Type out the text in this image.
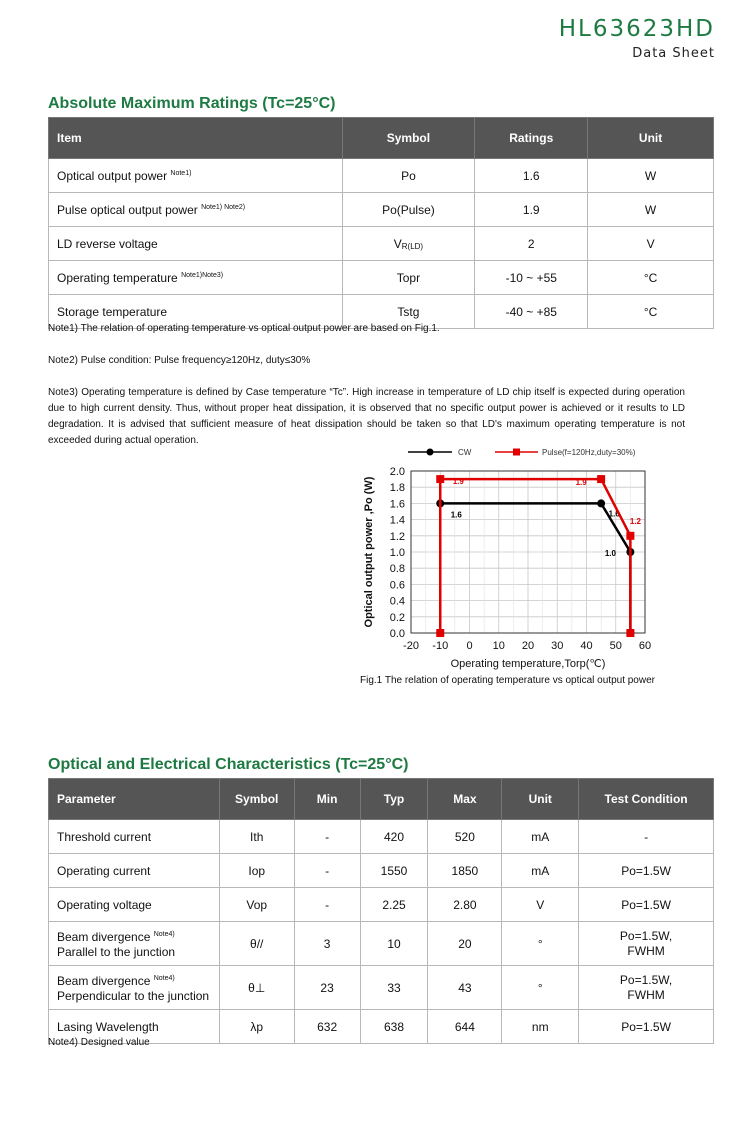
HL63623HD
Data Sheet
Absolute Maximum Ratings (Tc=25°C)
Item	Symbol	Ratings	Unit
Optical output power $^{Note1)}$	Po	1.6	W
Pulse optical output power $^{Note1) Note2)}$	Po(Pulse)	1.9	W
LD reverse voltage	$V_{R(LD)}$	2	V
Operating temperature $^{Note1)Note3)}$	Topr	-10 ~ +55	°C
Storage temperature	Tstg	-40 ~ +85	°C
Note1) The relation of operating temperature vs optical output power are based on Fig.1.
Note2) Pulse condition: Pulse frequency≥120Hz, duty≤30%
Note3) Operating temperature is defined by Case temperature “Tc”. High increase in temperature of LD chip itself is expected during operation due to high current density. Thus, without proper heat dissipation, it is observed that no specific output power is achieved or it results to LD degradation. It is advised that sufficient measure of heat dissipation should be taken so that LD's maximum operating temperature is not exceeded during actual operation.
-20 -10 0 10 20 30 40 50 60
0.0
0.2
0.4
0.6
0.8
1.0
1.2
1.4
1.6
1.8
2.0
Operating temperature,Torp(℃)
Optical output power ,Po (W)	1.6	1.6
1.0
1.9	1.9
1.2
CW	Pulse(f=120Hz,duty=30%)
Fig.1 The relation of operating temperature vs optical output power
Optical and Electrical Characteristics (Tc=25°C)
Parameter	Symbol	Min	Typ	Max	Unit	Test Condition
Threshold current	Ith	-	420	520	mA	-
Operating current	Iop	-	1550	1850	mA	Po=1.5W
Operating voltage	Vop	-	2.25	2.80	V	Po=1.5W
Beam divergence $^{Note4)}$
Parallel to the junction	θ//	3	10	20	°	Po=1.5W,
FWHM
Beam divergence $^{Note4)}$
Perpendicular to the junction	θ⊥	23	33	43	°	Po=1.5W,
FWHM
Lasing Wavelength	λp	632	638	644	nm	Po=1.5W
Note4) Designed value
